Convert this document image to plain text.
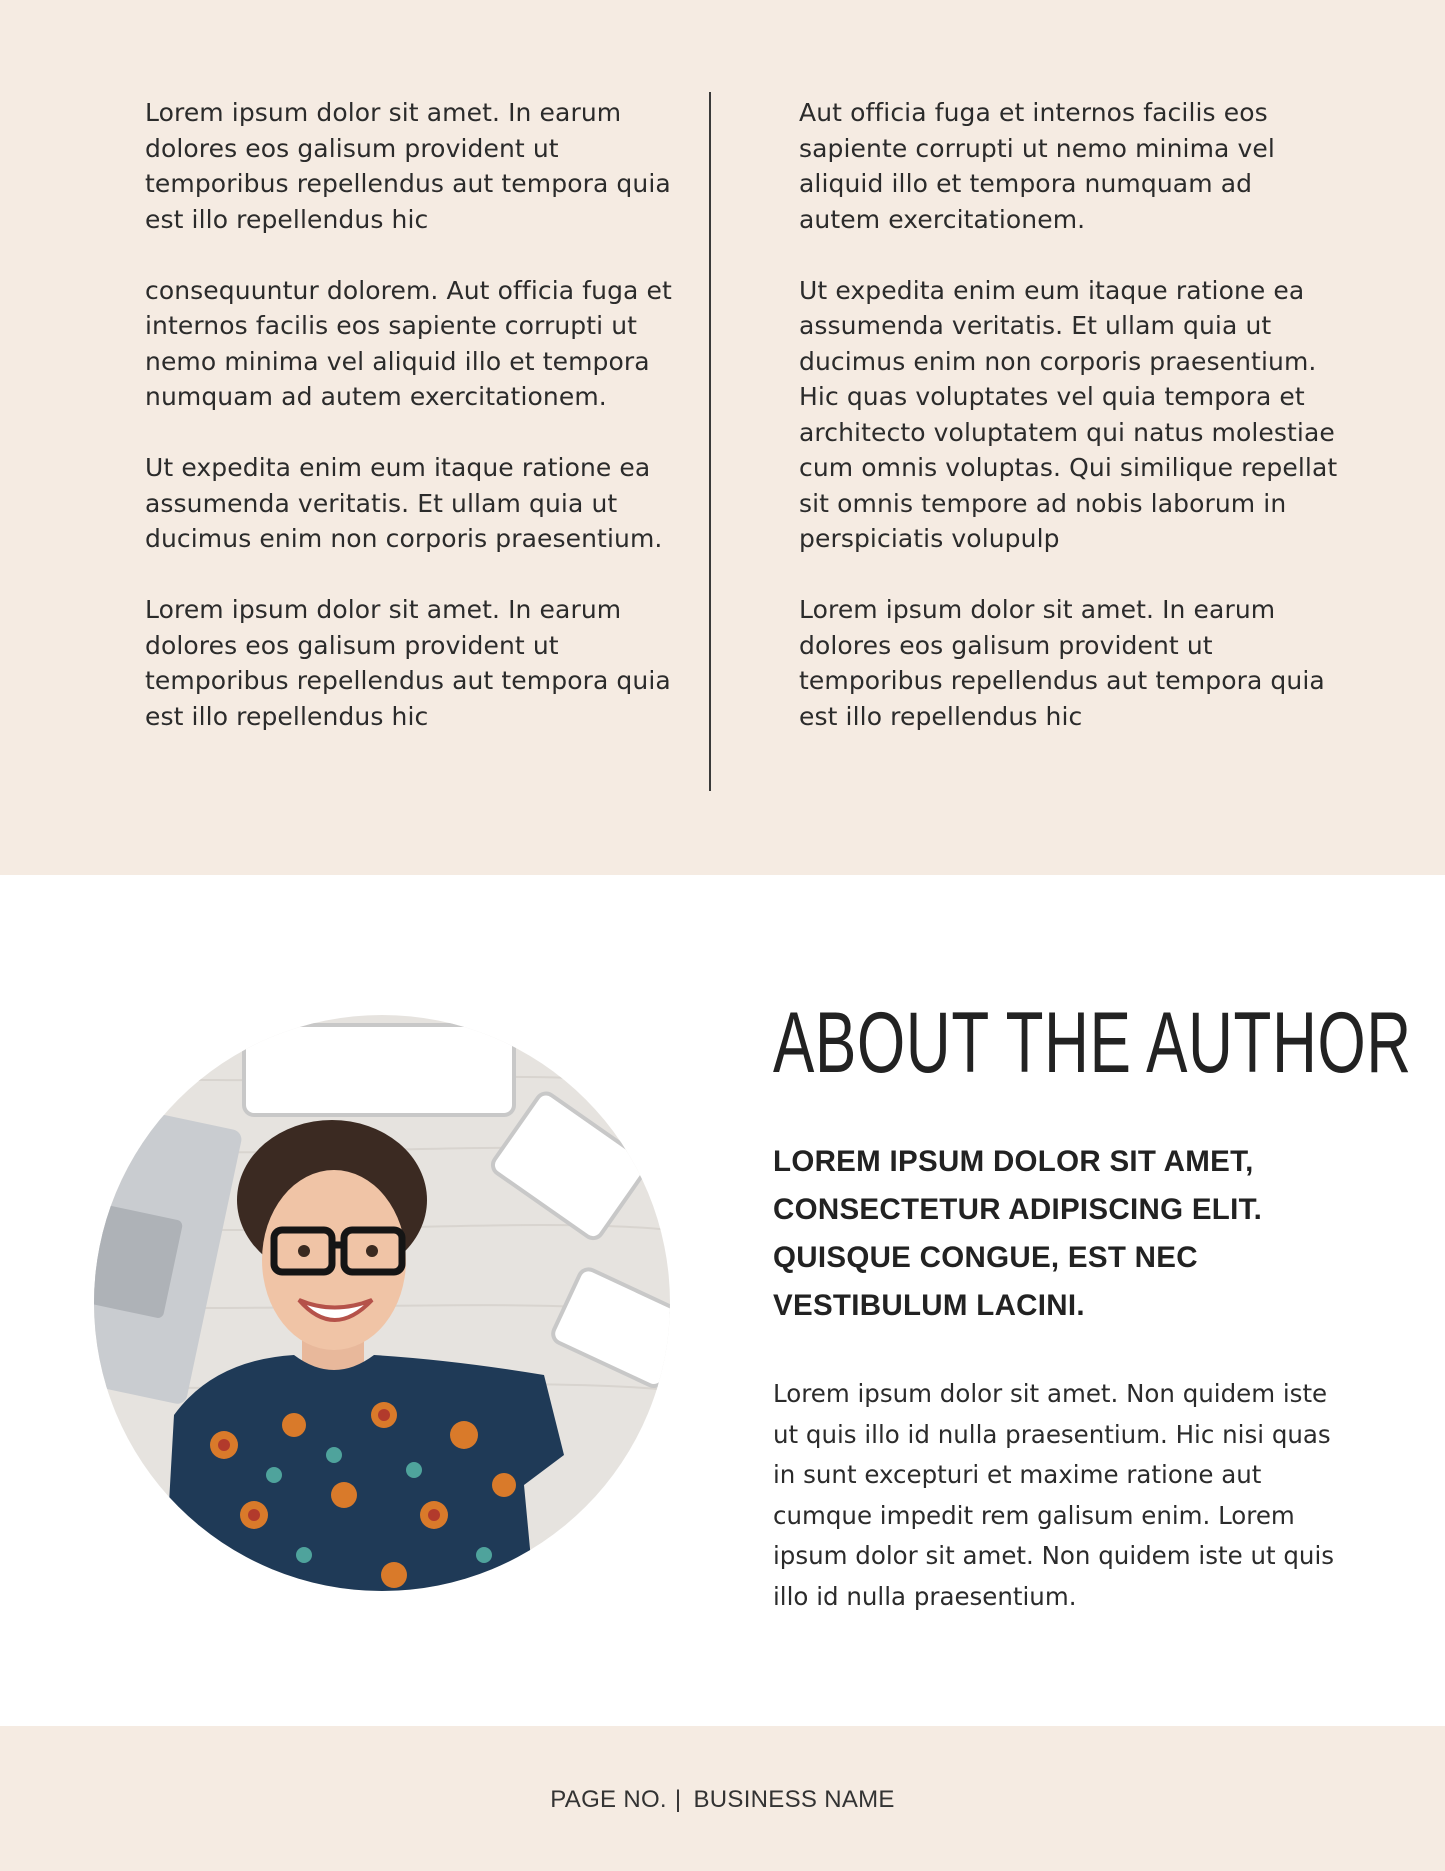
Lorem ipsum dolor sit amet. In earum dolores eos galisum provident ut temporibus repellendus aut tempora quia est illo repellendus hic

consequuntur dolorem. Aut officia fuga et internos facilis eos sapiente corrupti ut nemo minima vel aliquid illo et tempora numquam ad autem exercitationem.

Ut expedita enim eum itaque ratione ea assumenda veritatis. Et ullam quia ut ducimus enim non corporis praesentium.

Lorem ipsum dolor sit amet. In earum dolores eos galisum provident ut temporibus repellendus aut tempora quia est illo repellendus hic

Aut officia fuga et internos facilis eos sapiente corrupti ut nemo minima vel aliquid illo et tempora numquam ad autem exercitationem.

Ut expedita enim eum itaque ratione ea assumenda veritatis. Et ullam quia ut ducimus enim non corporis praesentium. Hic quas voluptates vel quia tempora et architecto voluptatem qui natus molestiae cum omnis voluptas. Qui similique repellat sit omnis tempore ad nobis laborum in perspiciatis volupulp

Lorem ipsum dolor sit amet. In earum dolores eos galisum provident ut temporibus repellendus aut tempora quia est illo repellendus hic

ABOUT THE AUTHOR

LOREM IPSUM DOLOR SIT AMET, CONSECTETUR ADIPISCING ELIT. QUISQUE CONGUE, EST NEC VESTIBULUM LACINI.

Lorem ipsum dolor sit amet. Non quidem iste ut quis illo id nulla praesentium. Hic nisi quas in sunt excepturi et maxime ratione aut cumque impedit rem galisum enim. Lorem ipsum dolor sit amet. Non quidem iste ut quis illo id nulla praesentium.

PAGE NO. | BUSINESS NAME
